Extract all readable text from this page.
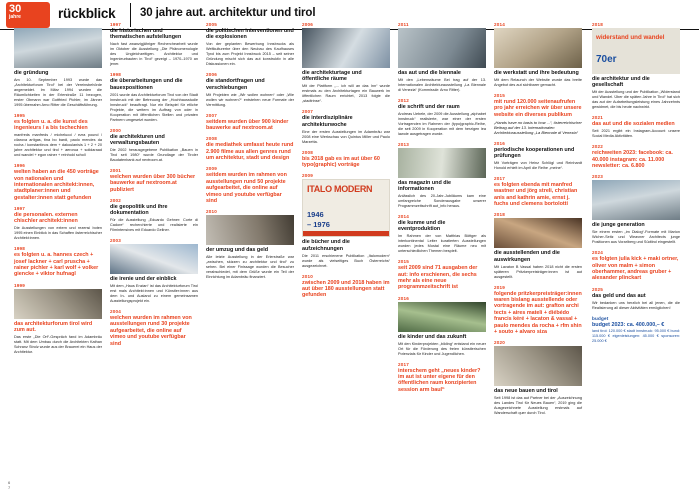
30
jahre	rückblick 30 jahre aut. architektur und tirol
1993
die gründung
Am 10. September 1993 wurde das „Architekturforum Tirol“ bei der Vereinsbehörde angemeldet. Im März 1994 wurden die Räumlichkeiten in der Erlerstraße 11 bezogen, erster Obmann war Gottfried Pichler, im Jänner 1995 übernahm Arno Ritter die Geschäftsführung.
1995
es folgten u. a. die kunst des ingenieurs / a bis tschechien
manfreds manfreds / michelucci / ezra pound / cilarova artigas, tina bo bardi, paolo mendes da rocha / konstantinos dem + dakoulanisis 1 + 2 + 20 jahre architektur und tirol + aerorua + solidaraad und wandel + egon rainer + reinhold scholl
1996
welten haben an die 450 vorträge von nationalen und internationalen architekt:innen, stadtplaner:innen und gestalter:innen statt gefunden
1997
die personalen. externen chischler architekt:innen
Die Ausstellungen von extern und rezensi boten 1995 einen Einblick in das Schaffen österreichischer Architekt:innen.
1998
es folgten u. a. hannes czech + josef lackner + carl pruscha + rainer pichler + karl wolf + volker giencke + viktor hufnagl
1999
das architekturforum tirol wird zum aut.
Das erste „Die Orf“-Gespräch fand im Adambräu statt. Mit dem Umbau durch die Architekten Kathan Schranz Strolz wurde aus der Brauerei ein Haus der Architektur.
1997
die historischen und thematischen aufstellungen
Nach fast zwanzigjähriger Recherchearbeit wurde im Oktober die Ausstellung „Die Phänomenologie des Ungleichzeitigen. Architektur und Ingenieurbauten in Tirol“ gezeigt – 1970–1970 an jener.
1998
die überarbeitungen und die bauexpositionen
2001 wurde das Architekturforum Tirol von der Stadt Innsbruck mit der Betreuung der „Hochhausstudie Innsbruck“ beauftragt. Nur ein Beispiel für etliche Projekte, die weitem im Auftrag von oder in Kooperation mit öffentlichen Stellen und privaten Partnern umgesetzt wurden.
2000
die architekturen und verwaltungsbauten
Die 2002 herausgegebene Publikation „Bauen in Tirol seit 1980“ wurde Grundlage der Tiroler Baudatenbank auf nextroom.at.
2001
welchen wurden über 300 bücher bauwerke auf nextroom.at publiziert
2002
die geopolitik und ihre dokumentation
Für die Ausstellung „Eduardo Gehner: Corte di Cadore“ recherchierte und realisierte ein Filmintensives mit Eduardo Gellner.
2003
die irenie und der einblick
Mit dem „Haus Enzian“ ist das Architekturforum Tirol erst mals Architekt:innen und Künstler:innen aus dem In- und Ausland zu einem gemeinsamen Ausstellungsprojekt ein.
2004
welchen wurden im rahmen von ausstellungen rund 30 projekte aufgearbeitet, die online auf vimeo und youtube verfügbar sind
2005
die politischen interventionen und die explosionen
Von der geplanten Bewerbung Innsbrucks als Weltkulturerbe über den Neubau des Kaufhauses Tyrol bis zum Projekt Innsbruck 2015 – seit seiner Gründung mischt sich das aut konstruktiv in alle Diskussionen ein.
2006
die standortfragen und verschiebungen
Mit Projekten wie „Wir wollen wohnen“ oder „Wie wollen wir wohnen?“ entstehen neue Formate der Vermittlung.
2007
seitdem wurden über 900 kinder bauwerke auf nextroom.at
2008
die mediathek umfasst heute rund 2.900 filme aus allen genres rund um architektur, stadt und design
2009
seitdem wurden im rahmen von ausstellungen rund 50 projekte aufgearbeitet, die online auf vimeo und youtube verfügbar sind
2010
der umzug und das geld
Alle letzte Ausstellung in der Erlerstraße war „zwischen, skizzen zu architektur und tirol“ zu sehen. Bei einer Finissage wurden die Besucher verabschiedet, mit dem Grüße wurde ein Teil der Einrichtung im Adambräu finanziert.
2006
die architekturtage und öffentliche räume
Mit der Plattform „... ich will an das Inn“ wurde erstmals zu den Architekturtagen ein Bauwerk im öffentlichen Raum errichtet, 2013 folgte die „stadtrinse“.
2007
die interdisziplinäre architekturwoche
Eine der ersten Ausstellungen im Adambräu war 2008 eine Werkschau von Quintus Miller und Paolo Marzetta.
2008
bis 2018 gab es im aut über 60 typo(graphic) vorträge
2009
ITALO MODERN
1946
– 1976
die bücher und die aufzeichnungen
Die 2011 erschienene Publikation „Italomodern“ wurde als vielseitiges Buch Österreichs“ ausgezeichnet.
2010
zwischen 2009 und 2018 haben im aut über 180 ausstellungen statt gefunden
2011
das aut und die biennale
Mit den „Lebensräume Bei trag auf der 13. Internationalen Architekturausstellung „La Biennale di Venezia“ (Kommissär: Arno Ritter).
2012
die schrift und der raum
Andreas Uebele, der 2009 die Ausstellung „alphabet innsbruck“ realisierte, war einer der ersten Vortragenden im Rahmen der (typo)graphic-Reihe, die seit 2009 in Kooperation mit dem herzigen lea lawole ausgetragen wurde.
2013
das magazin und die informationen
Anlässlich des 20-Jahr-Jubiläums kam eine umfangreiche Sonderausgabe unserer Programmzeitschrift aut_info heraus.
2014
die kunme und die eventproduktion
Im Rahmen der von Matthias Böttger als interkontinental Leiter kuratierten Ausstellungen wurden jedes Mostal eine Räume neu mit unterschiedlichen Themen bespielt.
2015
seit 2009 sind 71 ausgaben der aut: info erschienen, die sechs mehr als eine neue programmzeitschrift ist
2016
die kinder und das zukunft
Mit den Kinderprojekten „bilding“ entstand ein neuer Ort für die Förderung des freien künstlerischen Potenzials für Kinder und Jugendlichen.
2017
interschem geht „neues kinder? im aut ist unter eigene für den öffentlichen raum konzipierten session arm baul“
2014
die werkstatt und ihre bedeutung
Mit dem Relaunch der Website wurde das breite Angebot des aut sichtbarer gemacht.
2015
mit rund 120.000 seitenaufrufen pro jahr erreichen wir über unsere website ein diverses publikum
„Hands have no basis to how ...“, österreichischer Beitrag auf der 13. Internationalen Architekturausstellung „La Biennale di Venezia“
2016
periodische kooperationen und prüfungen
Mit Vorträgen von Heinz Schlögl und Reinhardt Honold erhielt im April die Reihe „meine“.
2017
es folgten ebenda mit manfred wastner und jörg streli, christian anis and kathrin amie, ernst j. fuchs und clemens bortolotti
2018
die ausstellenden und die auswirkungen
Mit Lavaton B Vassal haben 2018 nicht die ersten späteren Pritzkerpreisträger:innen ist aut ausgestellt.
2019
folgende pritzkerpreisträger:innen waren bislang ausstellende oder vortragende im aut: grafton archi tects + aires mateli + diébédo francis kéré + lacaton & vassal + paulo mendes da rocha + rfm shin + souto + alvaro siza
2020
das neue bauen und tirol
Seit 1998 ist das aut Partner bei der „Auszeichnung des Landes Tirol für Neues Bauen“, 2019 ging die Ausgezeichnete Ausstellung erstmals auf Wanderschaft quer durch Tirol.
2018
widerstand und wandel
70er
die architektur und die gesellschaft
Mit der Ausstellung und der Publikation „Widerstand und Wandel. Über die späten Jahre in Tirol“ hat sich das aut der Aufarbeitungsleistung eines Jahrzehnts gewidmet, die bis heute nachwirkt.
2021
das aut und die sozialen medien
Seit 2021 ergibt ein Instagram-Account unsere Social Media Aktivitäten.
2022
reichweiten 2023: facebook: ca. 40.000 instagram: ca. 11.000 newsletter: ca. 6.800
2023
die junge generation
Sie einem ersten „im Dialog“-Formate mit Marion Wicher-Seitz und Weavner Architects junge Positionen aus Vorarlberg und Südtirol eingestellt.
2024
es folgten julia kick + maki ortner, oliver von malm + simon oberhammer, andreas gruber + alexander plinckart
2025
das geld und das aut
Wir bedanken uns herzlich bei all jenen, die die Realisierung all dieser Aktivitäten ermöglichen!
budget
budget 2023: ca. 400.000,– €
land tirol: 120.000 € stadt innsbruck: 95.000 € bund: 115.000 € eigenleistungen: 45.000 € sponsoren: 25.000 €
6
7
